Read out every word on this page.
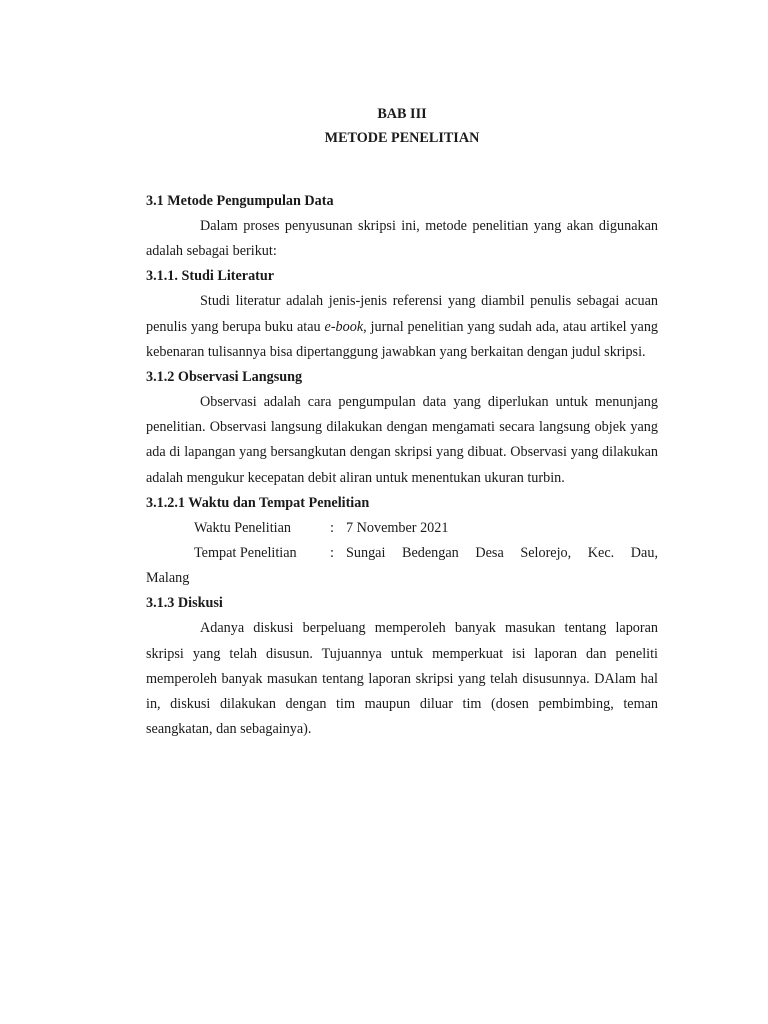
BAB III

METODE PENELITIAN

3.1 Metode Pengumpulan Data

Dalam proses penyusunan skripsi ini, metode penelitian yang akan digunakan adalah sebagai berikut:

3.1.1. Studi Literatur

Studi literatur adalah jenis-jenis referensi yang diambil penulis sebagai acuan penulis yang berupa buku atau e-book, jurnal penelitian yang sudah ada, atau artikel yang kebenaran tulisannya bisa dipertanggung jawabkan yang berkaitan dengan judul skripsi.

3.1.2 Observasi Langsung

Observasi adalah cara pengumpulan data yang diperlukan untuk menunjang penelitian. Observasi langsung dilakukan dengan mengamati secara langsung objek yang ada di lapangan yang bersangkutan dengan skripsi yang dibuat. Observasi yang dilakukan adalah mengukur kecepatan debit aliran untuk menentukan ukuran turbin.

3.1.2.1 Waktu dan Tempat Penelitian

Waktu Penelitian	: 7 November 2021
Tempat Penelitian : Sungai Bedengan Desa Selorejo, Kec. Dau,

Malang

3.1.3 Diskusi

Adanya diskusi berpeluang memperoleh banyak masukan tentang laporan skripsi yang telah disusun. Tujuannya untuk memperkuat isi laporan dan peneliti memperoleh banyak masukan tentang laporan skripsi yang telah disusunnya. DAlam hal in, diskusi dilakukan dengan tim maupun diluar tim (dosen pembimbing, teman seangkatan, dan sebagainya).
